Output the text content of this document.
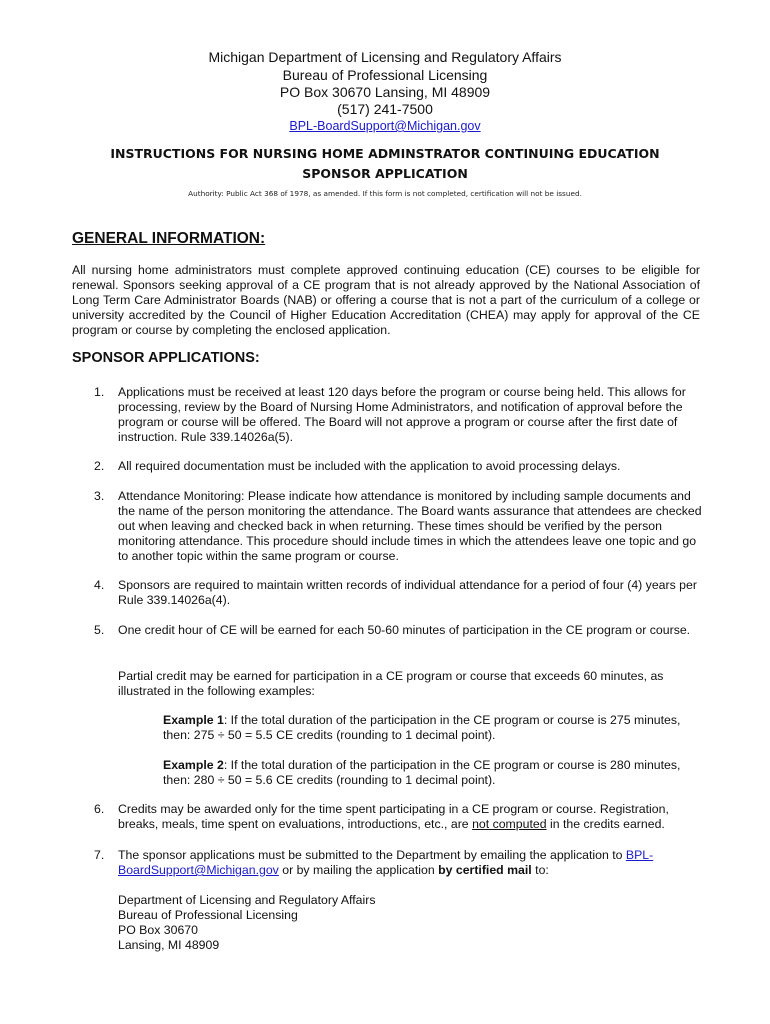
Michigan Department of Licensing and Regulatory Affairs
Bureau of Professional Licensing
PO Box 30670 Lansing, MI 48909
(517) 241-7500
BPL-BoardSupport@Michigan.gov
INSTRUCTIONS FOR NURSING HOME ADMINSTRATOR CONTINUING EDUCATION
SPONSOR APPLICATION
Authority: Public Act 368 of 1978, as amended. If this form is not completed, certification will not be issued.
GENERAL INFORMATION:
All nursing home administrators must complete approved continuing education (CE) courses to be eligible for renewal. Sponsors seeking approval of a CE program that is not already approved by the National Association of Long Term Care Administrator Boards (NAB) or offering a course that is not a part of the curriculum of a college or university accredited by the Council of Higher Education Accreditation (CHEA) may apply for approval of the CE program or course by completing the enclosed application.
SPONSOR APPLICATIONS:
1. Applications must be received at least 120 days before the program or course being held. This allows for processing, review by the Board of Nursing Home Administrators, and notification of approval before the program or course will be offered. The Board will not approve a program or course after the first date of instruction. Rule 339.14026a(5).
2. All required documentation must be included with the application to avoid processing delays.
3. Attendance Monitoring: Please indicate how attendance is monitored by including sample documents and the name of the person monitoring the attendance. The Board wants assurance that attendees are checked out when leaving and checked back in when returning. These times should be verified by the person monitoring attendance. This procedure should include times in which the attendees leave one topic and go to another topic within the same program or course.
4. Sponsors are required to maintain written records of individual attendance for a period of four (4) years per Rule 339.14026a(4).
5. One credit hour of CE will be earned for each 50-60 minutes of participation in the CE program or course.
Partial credit may be earned for participation in a CE program or course that exceeds 60 minutes, as illustrated in the following examples:
Example 1: If the total duration of the participation in the CE program or course is 275 minutes, then: 275 ÷ 50 = 5.5 CE credits (rounding to 1 decimal point).
Example 2: If the total duration of the participation in the CE program or course is 280 minutes, then: 280 ÷ 50 = 5.6 CE credits (rounding to 1 decimal point).
6. Credits may be awarded only for the time spent participating in a CE program or course. Registration, breaks, meals, time spent on evaluations, introductions, etc., are not computed in the credits earned.
7. The sponsor applications must be submitted to the Department by emailing the application to BPL-BoardSupport@Michigan.gov or by mailing the application by certified mail to:
Department of Licensing and Regulatory Affairs
Bureau of Professional Licensing
PO Box 30670
Lansing, MI 48909
